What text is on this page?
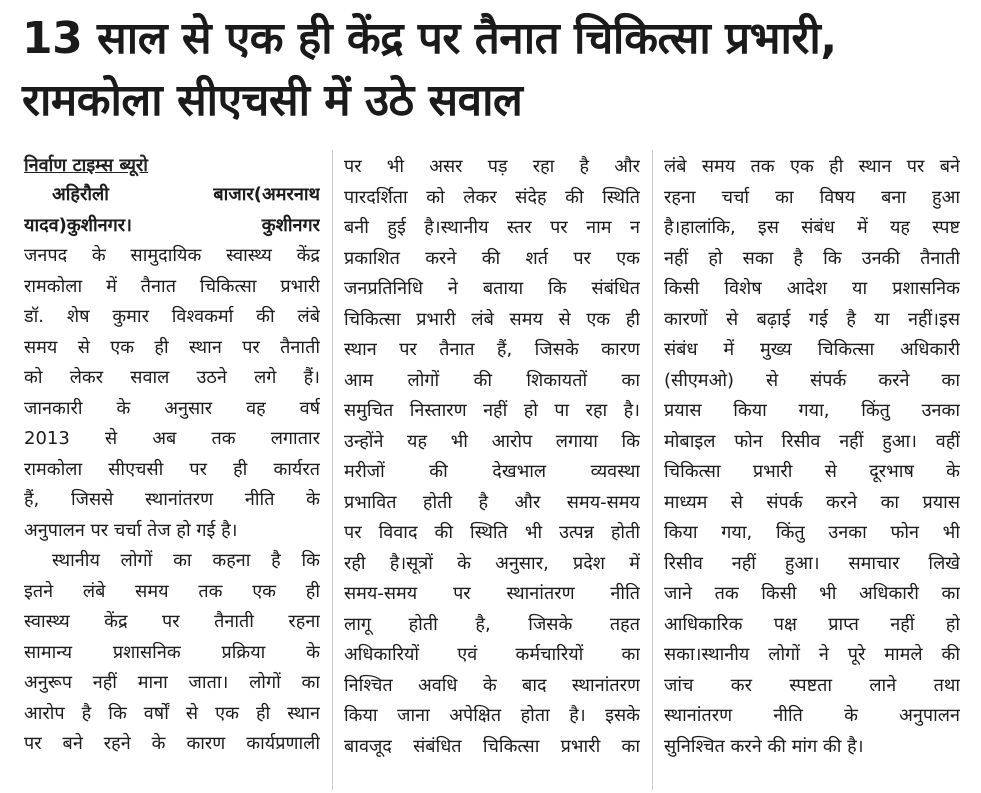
13 साल से एक ही केंद्र पर तैनात चिकित्सा प्रभारी,
रामकोला सीएचसी में उठे सवाल
निर्वाण टाइम्स ब्यूरो
अहिरौली बाजार(अमरनाथ
यादव)कुशीनगर। कुशीनगर
जनपद के सामुदायिक स्वास्थ्य केंद्र
रामकोला में तैनात चिकित्सा प्रभारी
डॉ. शेष कुमार विश्वकर्मा की लंबे
समय से एक ही स्थान पर तैनाती
को लेकर सवाल उठने लगे हैं।
जानकारी के अनुसार वह वर्ष
2013 से अब तक लगातार
रामकोला सीएचसी पर ही कार्यरत
हैं, जिससे स्थानांतरण नीति के
अनुपालन पर चर्चा तेज हो गई है।
स्थानीय लोगों का कहना है कि
इतने लंबे समय तक एक ही
स्वास्थ्य केंद्र पर तैनाती रहना
सामान्य प्रशासनिक प्रक्रिया के
अनुरूप नहीं माना जाता। लोगों का
आरोप है कि वर्षों से एक ही स्थान
पर बने रहने के कारण कार्यप्रणाली
पर भी असर पड़ रहा है और
पारदर्शिता को लेकर संदेह की स्थिति
बनी हुई है।स्थानीय स्तर पर नाम न
प्रकाशित करने की शर्त पर एक
जनप्रतिनिधि ने बताया कि संबंधित
चिकित्सा प्रभारी लंबे समय से एक ही
स्थान पर तैनात हैं, जिसके कारण
आम लोगों की शिकायतों का
समुचित निस्तारण नहीं हो पा रहा है।
उन्होंने यह भी आरोप लगाया कि
मरीजों की देखभाल व्यवस्था
प्रभावित होती है और समय-समय
पर विवाद की स्थिति भी उत्पन्न होती
रही है।सूत्रों के अनुसार, प्रदेश में
समय-समय पर स्थानांतरण नीति
लागू होती है, जिसके तहत
अधिकारियों एवं कर्मचारियों का
निश्चित अवधि के बाद स्थानांतरण
किया जाना अपेक्षित होता है। इसके
बावजूद संबंधित चिकित्सा प्रभारी का
लंबे समय तक एक ही स्थान पर बने
रहना चर्चा का विषय बना हुआ
है।हालांकि, इस संबंध में यह स्पष्ट
नहीं हो सका है कि उनकी तैनाती
किसी विशेष आदेश या प्रशासनिक
कारणों से बढ़ाई गई है या नहीं।इस
संबंध में मुख्य चिकित्सा अधिकारी
(सीएमओ) से संपर्क करने का
प्रयास किया गया, किंतु उनका
मोबाइल फोन रिसीव नहीं हुआ। वहीं
चिकित्सा प्रभारी से दूरभाष के
माध्यम से संपर्क करने का प्रयास
किया गया, किंतु उनका फोन भी
रिसीव नहीं हुआ। समाचार लिखे
जाने तक किसी भी अधिकारी का
आधिकारिक पक्ष प्राप्त नहीं हो
सका।स्थानीय लोगों ने पूरे मामले की
जांच कर स्पष्टता लाने तथा
स्थानांतरण नीति के अनुपालन
सुनिश्चित करने की मांग की है।
